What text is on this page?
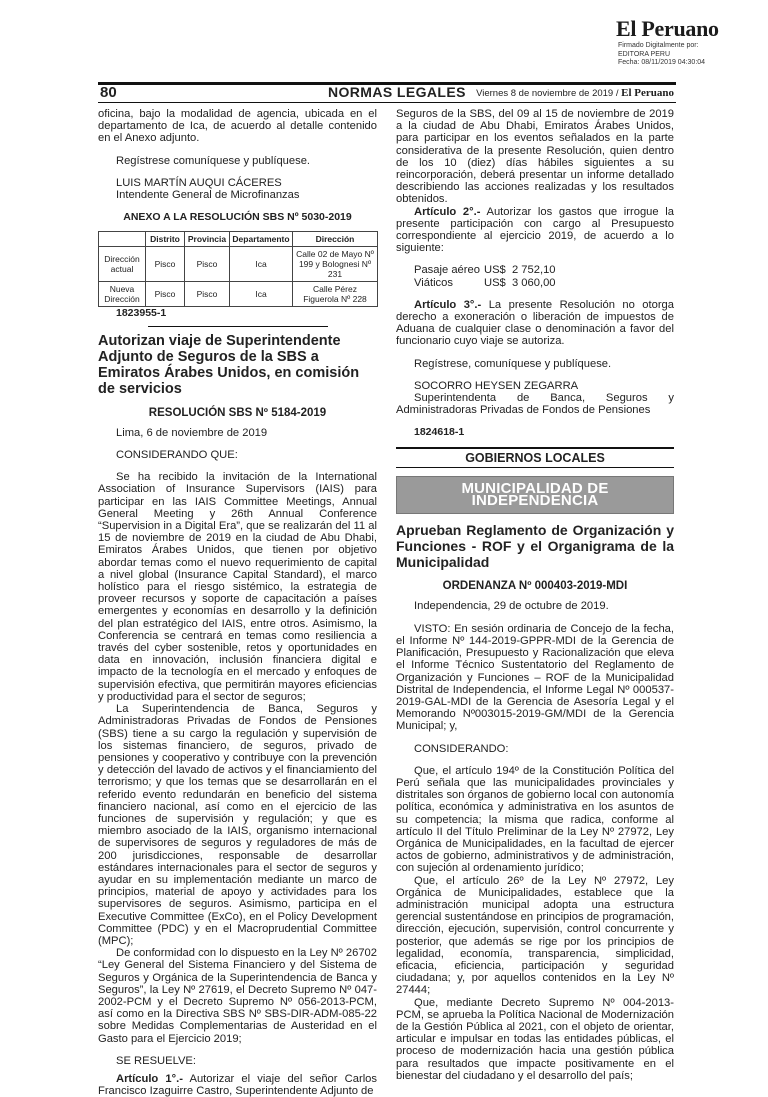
El Peruano
Firmado Digitalmente por:
EDITORA PERU
Fecha: 08/11/2019 04:30:04
80	NORMAS LEGALES Viernes 8 de noviembre de 2019 / El Peruano

oficina, bajo la modalidad de agencia, ubicada en el departamento de Ica, de acuerdo al detalle contenido en el Anexo adjunto.

Regístrese comuníquese y publíquese.

LUIS MARTÍN AUQUI CÁCERES

Intendente General de Microfinanzas

ANEXO A LA RESOLUCIÓN SBS Nº 5030-2019
	Distrito	Provincia	Departamento	Dirección
Dirección actual	Pisco	Pisco	Ica	Calle 02 de Mayo Nº 199 y Bolognesi Nº 231
Nueva Dirección	Pisco	Pisco	Ica	Calle Pérez Figuerola Nº 228

1823955-1

Autorizan viaje de Superintendente Adjunto de Seguros de la SBS a Emiratos Árabes Unidos, en comisión de servicios
RESOLUCIÓN SBS Nº 5184-2019

Lima, 6 de noviembre de 2019

CONSIDERANDO QUE:

Se ha recibido la invitación de la International Association of Insurance Supervisors (IAIS) para participar en las IAIS Committee Meetings, Annual General Meeting y 26th Annual Conference “Supervision in a Digital Era”, que se realizarán del 11 al 15 de noviembre de 2019 en la ciudad de Abu Dhabi, Emiratos Árabes Unidos, que tienen por objetivo abordar temas como el nuevo requerimiento de capital a nivel global (Insurance Capital Standard), el marco holístico para el riesgo sistémico, la estrategia de proveer recursos y soporte de capacitación a países emergentes y economías en desarrollo y la definición del plan estratégico del IAIS, entre otros. Asimismo, la Conferencia se centrará en temas como resiliencia a través del cyber sostenible, retos y oportunidades en data en innovación, inclusión financiera digital e impacto de la tecnología en el mercado y enfoques de supervisión efectiva, que permitirán mayores eficiencias y productividad para el sector de seguros;

La Superintendencia de Banca, Seguros y Administradoras Privadas de Fondos de Pensiones (SBS) tiene a su cargo la regulación y supervisión de los sistemas financiero, de seguros, privado de pensiones y cooperativo y contribuye con la prevención y detección del lavado de activos y el financiamiento del terrorismo; y que los temas que se desarrollarán en el referido evento redundarán en beneficio del sistema financiero nacional, así como en el ejercicio de las funciones de supervisión y regulación; y que es miembro asociado de la IAIS, organismo internacional de supervisores de seguros y reguladores de más de 200 jurisdicciones, responsable de desarrollar estándares internacionales para el sector de seguros y ayudar en su implementación mediante un marco de principios, material de apoyo y actividades para los supervisores de seguros. Asimismo, participa en el Executive Committee (ExCo), en el Policy Development Committee (PDC) y en el Macroprudential Committee (MPC);

De conformidad con lo dispuesto en la Ley Nº 26702 “Ley General del Sistema Financiero y del Sistema de Seguros y Orgánica de la Superintendencia de Banca y Seguros”, la Ley Nº 27619, el Decreto Supremo Nº 047-2002-PCM y el Decreto Supremo Nº 056-2013-PCM, así como en la Directiva SBS Nº SBS-DIR-ADM-085-22 sobre Medidas Complementarias de Austeridad en el Gasto para el Ejercicio 2019;

SE RESUELVE:

Artículo 1°.- Autorizar el viaje del señor Carlos Francisco Izaguirre Castro, Superintendente Adjunto de

Seguros de la SBS, del 09 al 15 de noviembre de 2019 a la ciudad de Abu Dhabi, Emiratos Árabes Unidos, para participar en los eventos señalados en la parte considerativa de la presente Resolución, quien dentro de los 10 (diez) días hábiles siguientes a su reincorporación, deberá presentar un informe detallado describiendo las acciones realizadas y los resultados obtenidos.

Artículo 2°.- Autorizar los gastos que irrogue la presente participación con cargo al Presupuesto correspondiente al ejercicio 2019, de acuerdo a lo siguiente:

Pasaje aéreo US$  2 752,10
Viáticos	US$  3 060,00

Artículo 3°.- La presente Resolución no otorga derecho a exoneración o liberación de impuestos de Aduana de cualquier clase o denominación a favor del funcionario cuyo viaje se autoriza.

Regístrese, comuníquese y publíquese.

SOCORRO HEYSEN ZEGARRA

Superintendenta de Banca, Seguros y Administradoras Privadas de Fondos de Pensiones

1824618-1

GOBIERNOS LOCALES
MUNICIPALIDAD DE INDEPENDENCIA
Aprueban Reglamento de Organización y Funciones - ROF y el Organigrama de la Municipalidad
ORDENANZA Nº 000403-2019-MDI

Independencia, 29 de octubre de 2019.

VISTO: En sesión ordinaria de Concejo de la fecha, el Informe Nº 144-2019-GPPR-MDI de la Gerencia de Planificación, Presupuesto y Racionalización que eleva el Informe Técnico Sustentatorio del Reglamento de Organización y Funciones – ROF de la Municipalidad Distrital de Independencia, el Informe Legal Nº 000537-2019-GAL-MDI de la Gerencia de Asesoría Legal y el Memorando Nº003015-2019-GM/MDI de la Gerencia Municipal; y,

CONSIDERANDO:

Que, el artículo 194º de la Constitución Política del Perú señala que las municipalidades provinciales y distritales son órganos de gobierno local con autonomía política, económica y administrativa en los asuntos de su competencia; la misma que radica, conforme al artículo II del Título Preliminar de la Ley Nº 27972, Ley Orgánica de Municipalidades, en la facultad de ejercer actos de gobierno, administrativos y de administración, con sujeción al ordenamiento jurídico;

Que, el artículo 26º de la Ley Nº 27972, Ley Orgánica de Municipalidades, establece que la administración municipal adopta una estructura gerencial sustentándose en principios de programación, dirección, ejecución, supervisión, control concurrente y posterior, que además se rige por los principios de legalidad, economía, transparencia, simplicidad, eficacia, eficiencia, participación y seguridad ciudadana; y, por aquellos contenidos en la Ley Nº 27444;

Que, mediante Decreto Supremo Nº 004-2013-PCM, se aprueba la Política Nacional de Modernización de la Gestión Pública al 2021, con el objeto de orientar, articular e impulsar en todas las entidades públicas, el proceso de modernización hacia una gestión pública para resultados que impacte positivamente en el bienestar del ciudadano y el desarrollo del país;
